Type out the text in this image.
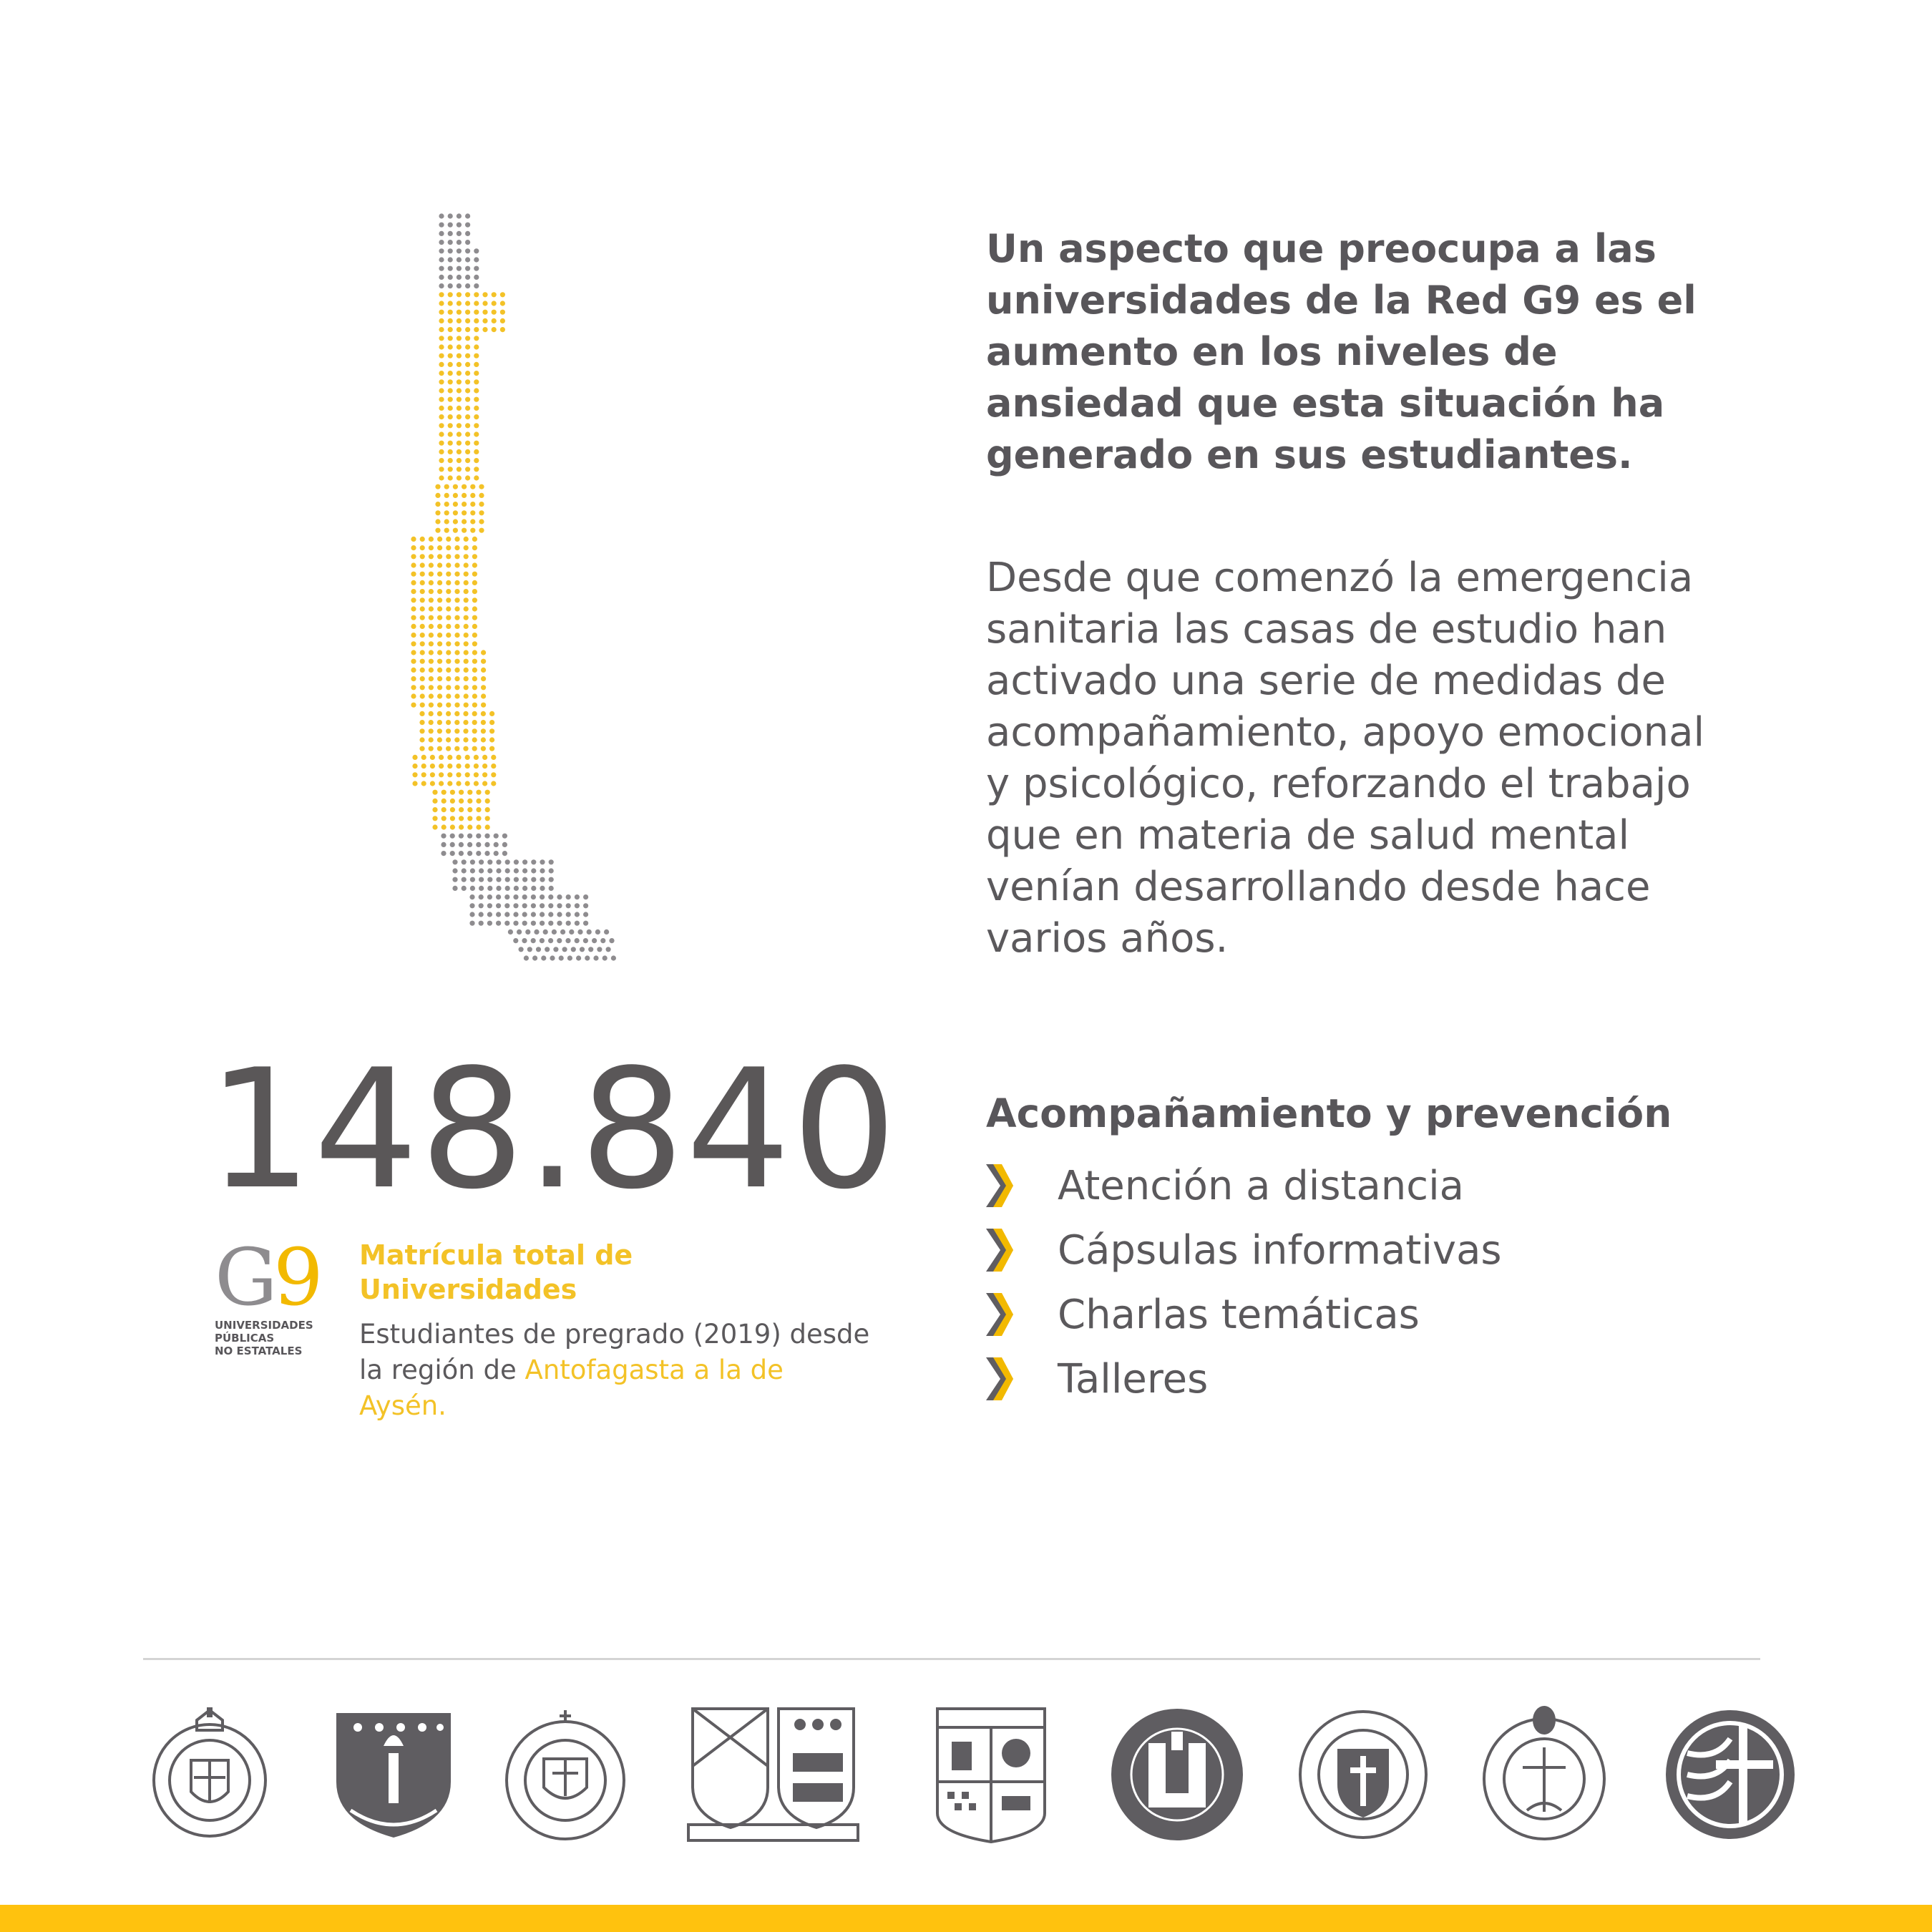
Un aspecto que preocupa a las universidades de la Red G9 es el aumento en los niveles de ansiedad que esta situación ha generado en sus estudiantes.

Desde que comenzó la emergencia sanitaria las casas de estudio han activado una serie de medidas de acompañamiento, apoyo emocional y psicológico, reforzando el trabajo que en materia de salud mental venían desarrollando desde hace varios años.

Acompañamiento y prevención
Atención a distancia
Cápsulas informativas
Charlas temáticas
Talleres
148.840
G
9
UNIVERSIDADES
PÚBLICAS
NO ESTATALES
Matrícula total de Universidades

Estudiantes de pregrado (2019) desde la región de Antofagasta a la de Aysén.
